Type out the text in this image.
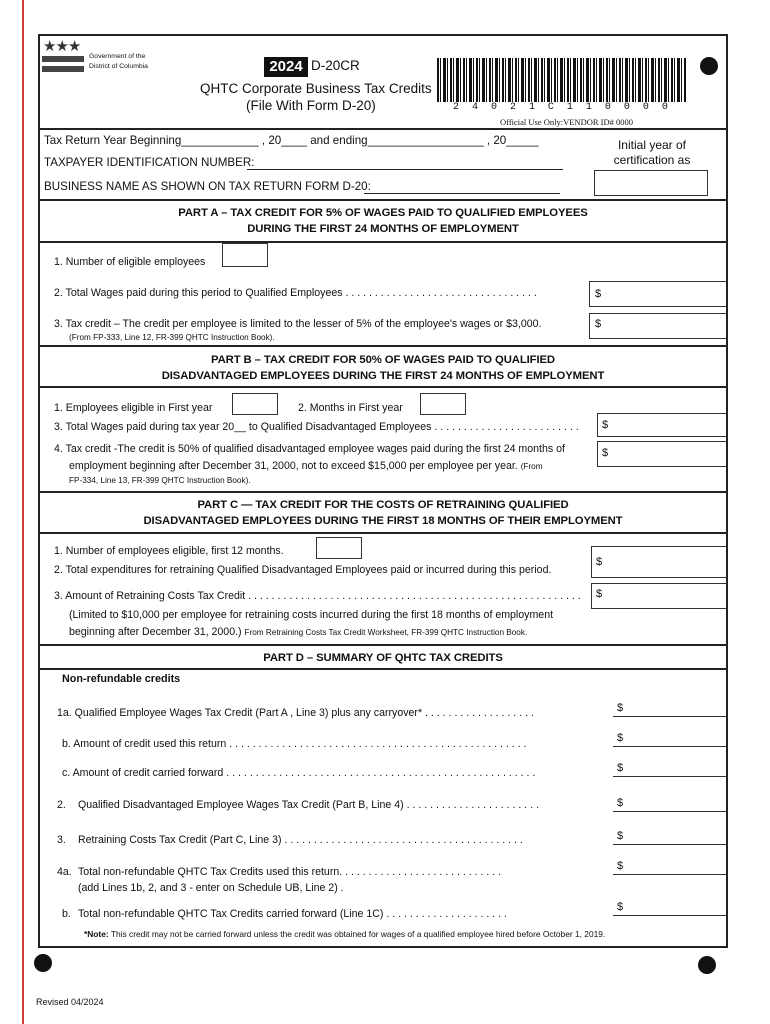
★★★
Government of the
District of Columbia	2024 D-20CR
QHTC Corporate Business Tax Credits
(File With Form D-20)	2 4 0 2 1 C 1 1 0 0 0 0
Official Use Only:VENDOR ID# 0000
Tax Return Year Beginning____________ , 20____ and ending__________________ , 20_____
TAXPAYER IDENTIFICATION NUMBER:
BUSINESS NAME AS SHOWN ON TAX RETURN FORM D-20:
Initial year of
certification as
PART A – TAX CREDIT FOR 5% OF WAGES PAID TO QUALIFIED EMPLOYEES
DURING THE FIRST 24 MONTHS OF EMPLOYMENT
1. Number of eligible employees
2. Total Wages paid during this period to Qualified Employees . . . . . . . . . . . . . . . . . . . . . . . . . . . . . . . . .	$
3. Tax credit – The credit per employee is limited to the lesser of 5% of the employee's wages or $3,000.
(From FP-333, Line 12, FR-399 QHTC Instruction Book).
$
PART B – TAX CREDIT FOR 50% OF WAGES PAID TO QUALIFIED
DISADVANTAGED EMPLOYEES DURING THE FIRST 24 MONTHS OF EMPLOYMENT
1. Employees eligible in First year	2. Months in First year
3. Total Wages paid during tax year 20__ to Qualified Disadvantaged Employees . . . . . . . . . . . . . . . . . . . . . . . . . $
4. Tax credit -The credit is 50% of qualified disadvantaged employee wages paid during the first 24 months of
employment beginning after December 31, 2000, not to exceed $15,000 per employee per year. (From
FP-334, Line 13, FR-399 QHTC Instruction Book).
$
PART C — TAX CREDIT FOR THE COSTS OF RETRAINING QUALIFIED
DISADVANTAGED EMPLOYEES DURING THE FIRST 18 MONTHS OF THEIR EMPLOYMENT
1. Number of employees eligible, first 12 months.
2. Total expenditures for retraining Qualified Disadvantaged Employees paid or incurred during this period.
$
3. Amount of Retraining Costs Tax Credit . . . . . . . . . . . . . . . . . . . . . . . . . . . . . . . . . . . . . . . . . . . . . . . . . . . . . . . . .
(Limited to $10,000 per employee for retraining costs incurred during the first 18 months of employment
beginning after December 31, 2000.) From Retraining Costs Tax Credit Worksheet, FR-399 QHTC Instruction Book.
$
PART D – SUMMARY OF QHTC TAX CREDITS
Non-refundable credits
1a. Qualified Employee Wages Tax Credit (Part A , Line 3) plus any carryover* . . . . . . . . . . . . . . . . . . .	$
b. Amount of credit used this return . . . . . . . . . . . . . . . . . . . . . . . . . . . . . . . . . . . . . . . . . . . . . . . . . . .	$
c. Amount of credit carried forward . . . . . . . . . . . . . . . . . . . . . . . . . . . . . . . . . . . . . . . . . . . . . . . . . . . . .	$
2. Qualified Disadvantaged Employee Wages Tax Credit (Part B, Line 4) . . . . . . . . . . . . . . . . . . . . . . .	$
3. Retraining Costs Tax Credit (Part C, Line 3) . . . . . . . . . . . . . . . . . . . . . . . . . . . . . . . . . . . . . . . . .	$
4a. Total non-refundable QHTC Tax Credits used this return. . . . . . . . . . . . . . . . . . . . . . . . . . . .
(add Lines 1b, 2, and 3 - enter on Schedule UB, Line 2) .
$
b. Total non-refundable QHTC Tax Credits carried forward (Line 1C) . . . . . . . . . . . . . . . . . . . . .
$
*Note: This credit may not be carried forward unless the credit was obtained for wages of a qualified employee hired before October 1, 2019.
Revised 04/2024
